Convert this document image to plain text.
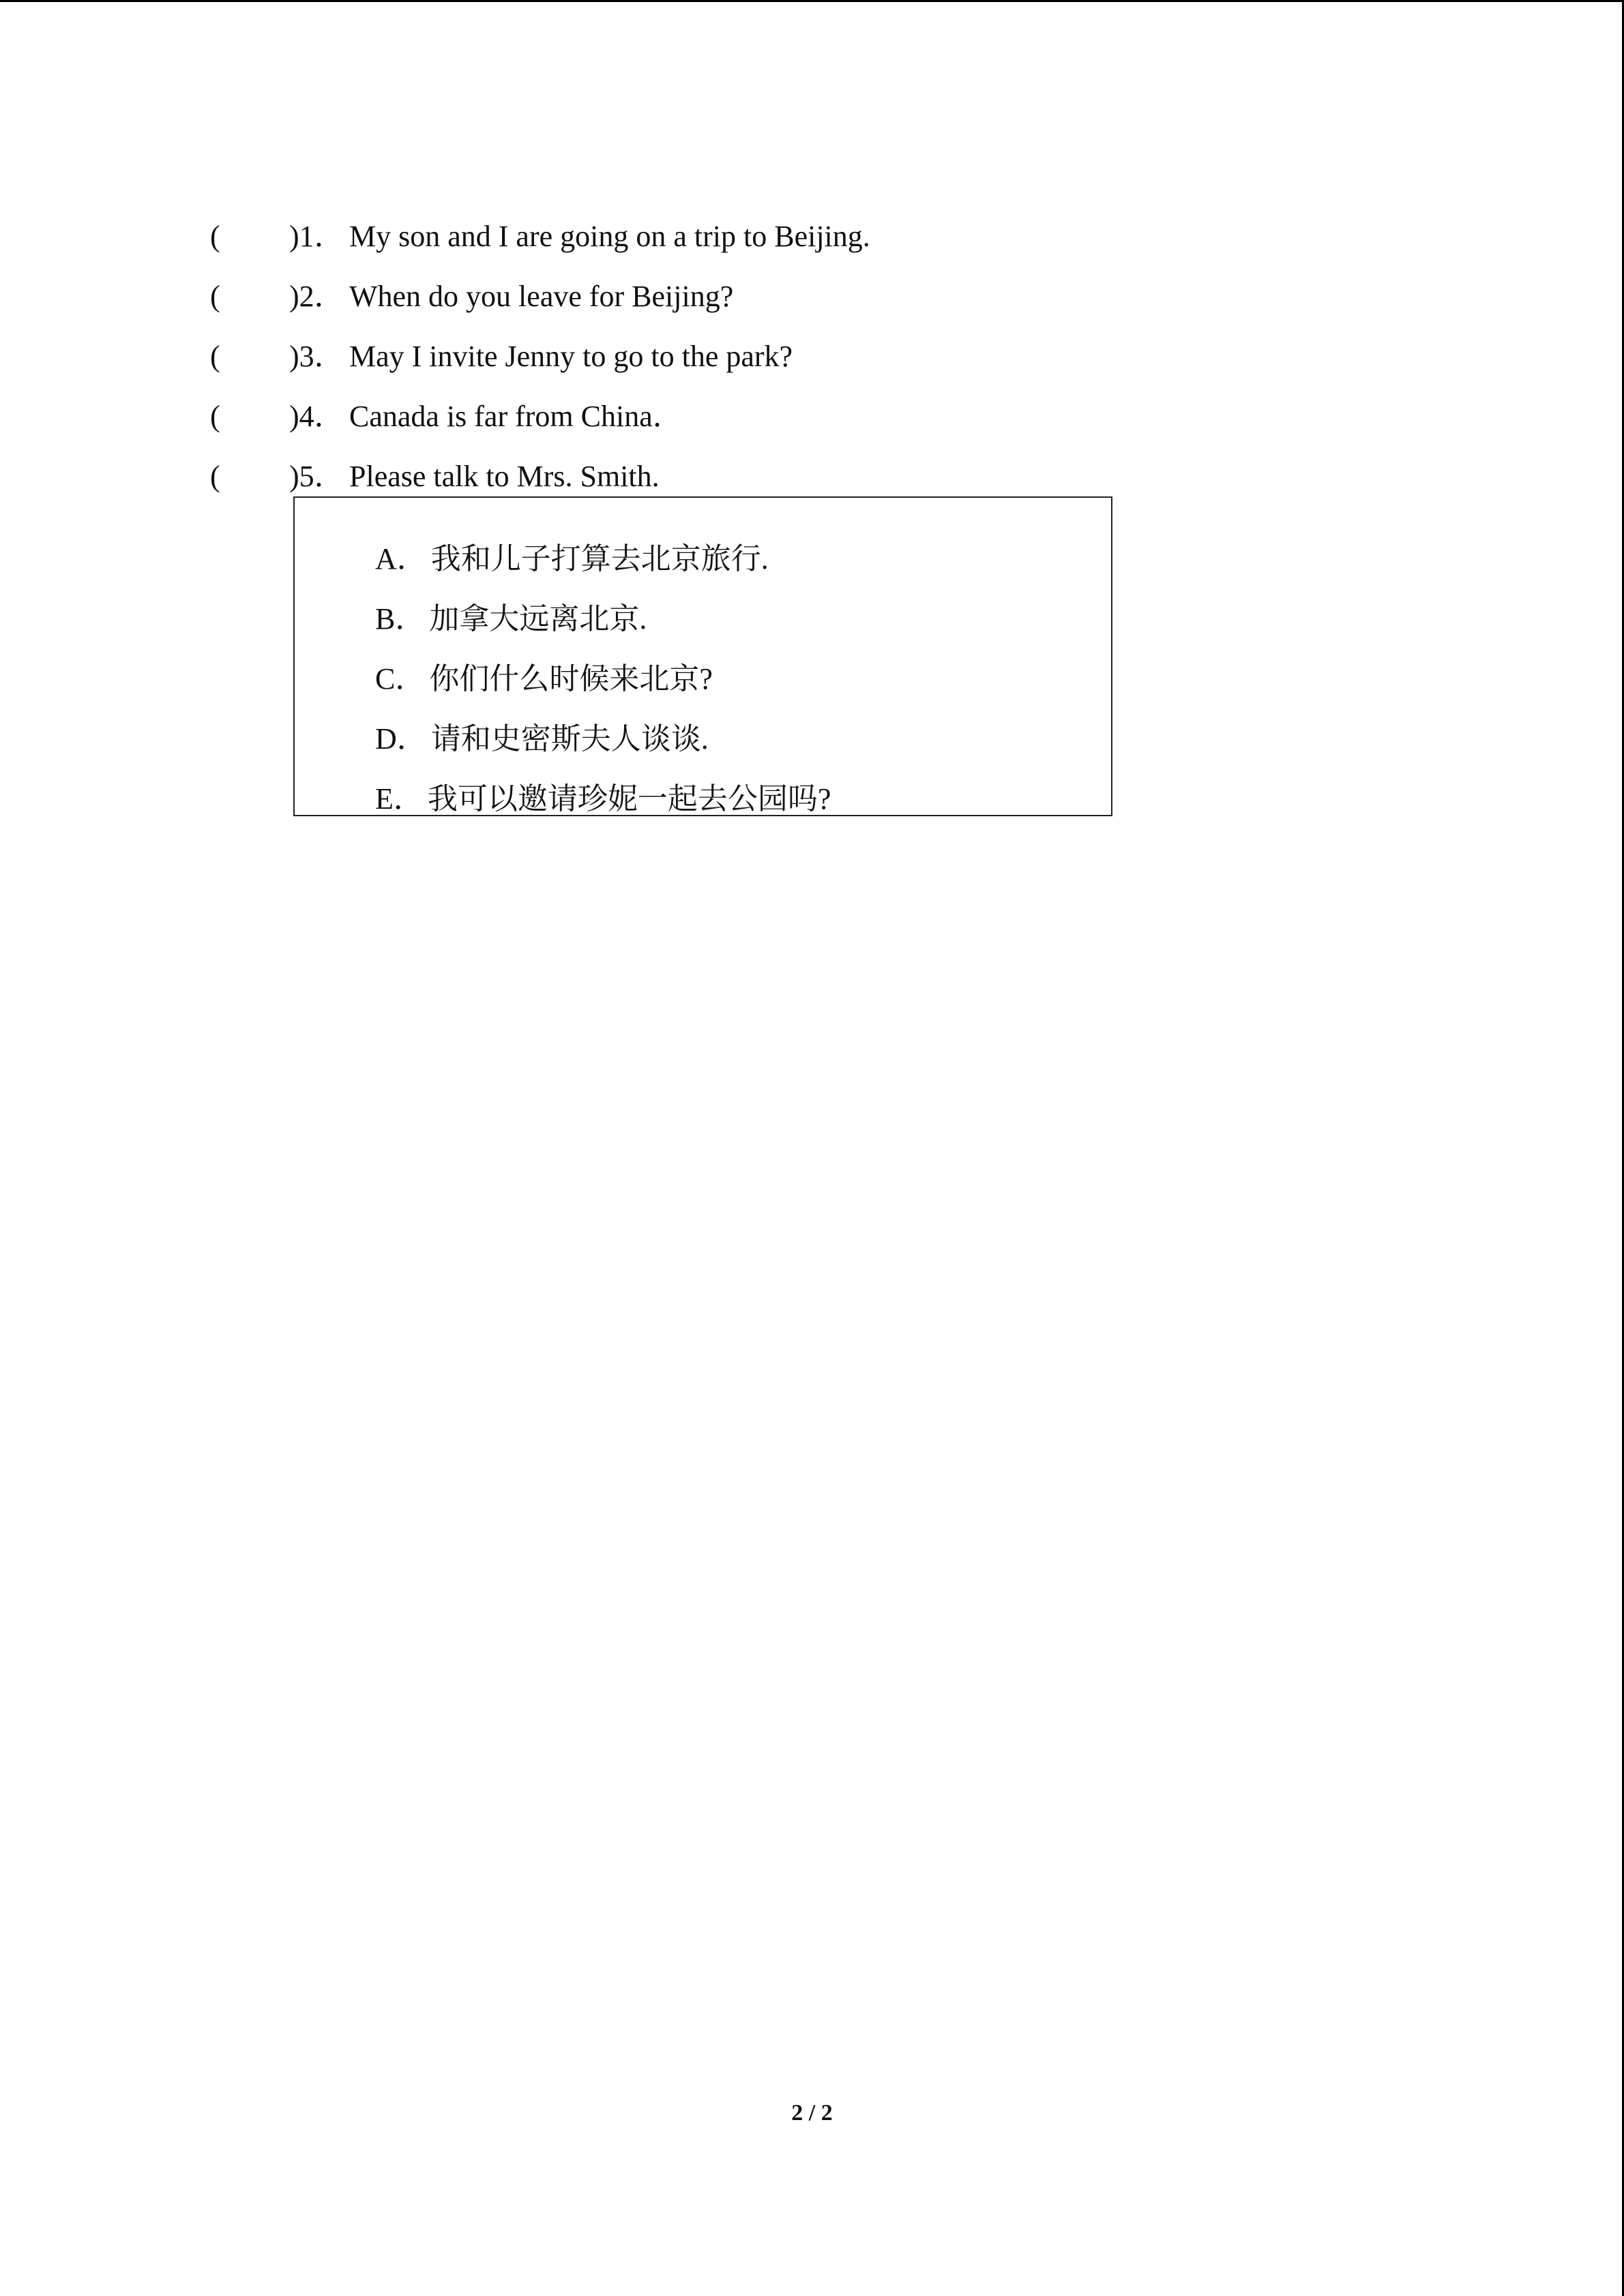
( )1． My son and I are going on a trip to Beijing.
( )2． When do you leave for Beijing?
( )3． May I invite Jenny to go to the park?
( )4． Canada is far from China．
( )5． Please talk to Mrs. Smith.
A． 我和儿子打算去北京旅行.
B． 加拿大远离北京.
C． 你们什么时候来北京?
D． 请和史密斯夫人谈谈.
E． 我可以邀请珍妮一起去公园吗?
2 / 2
